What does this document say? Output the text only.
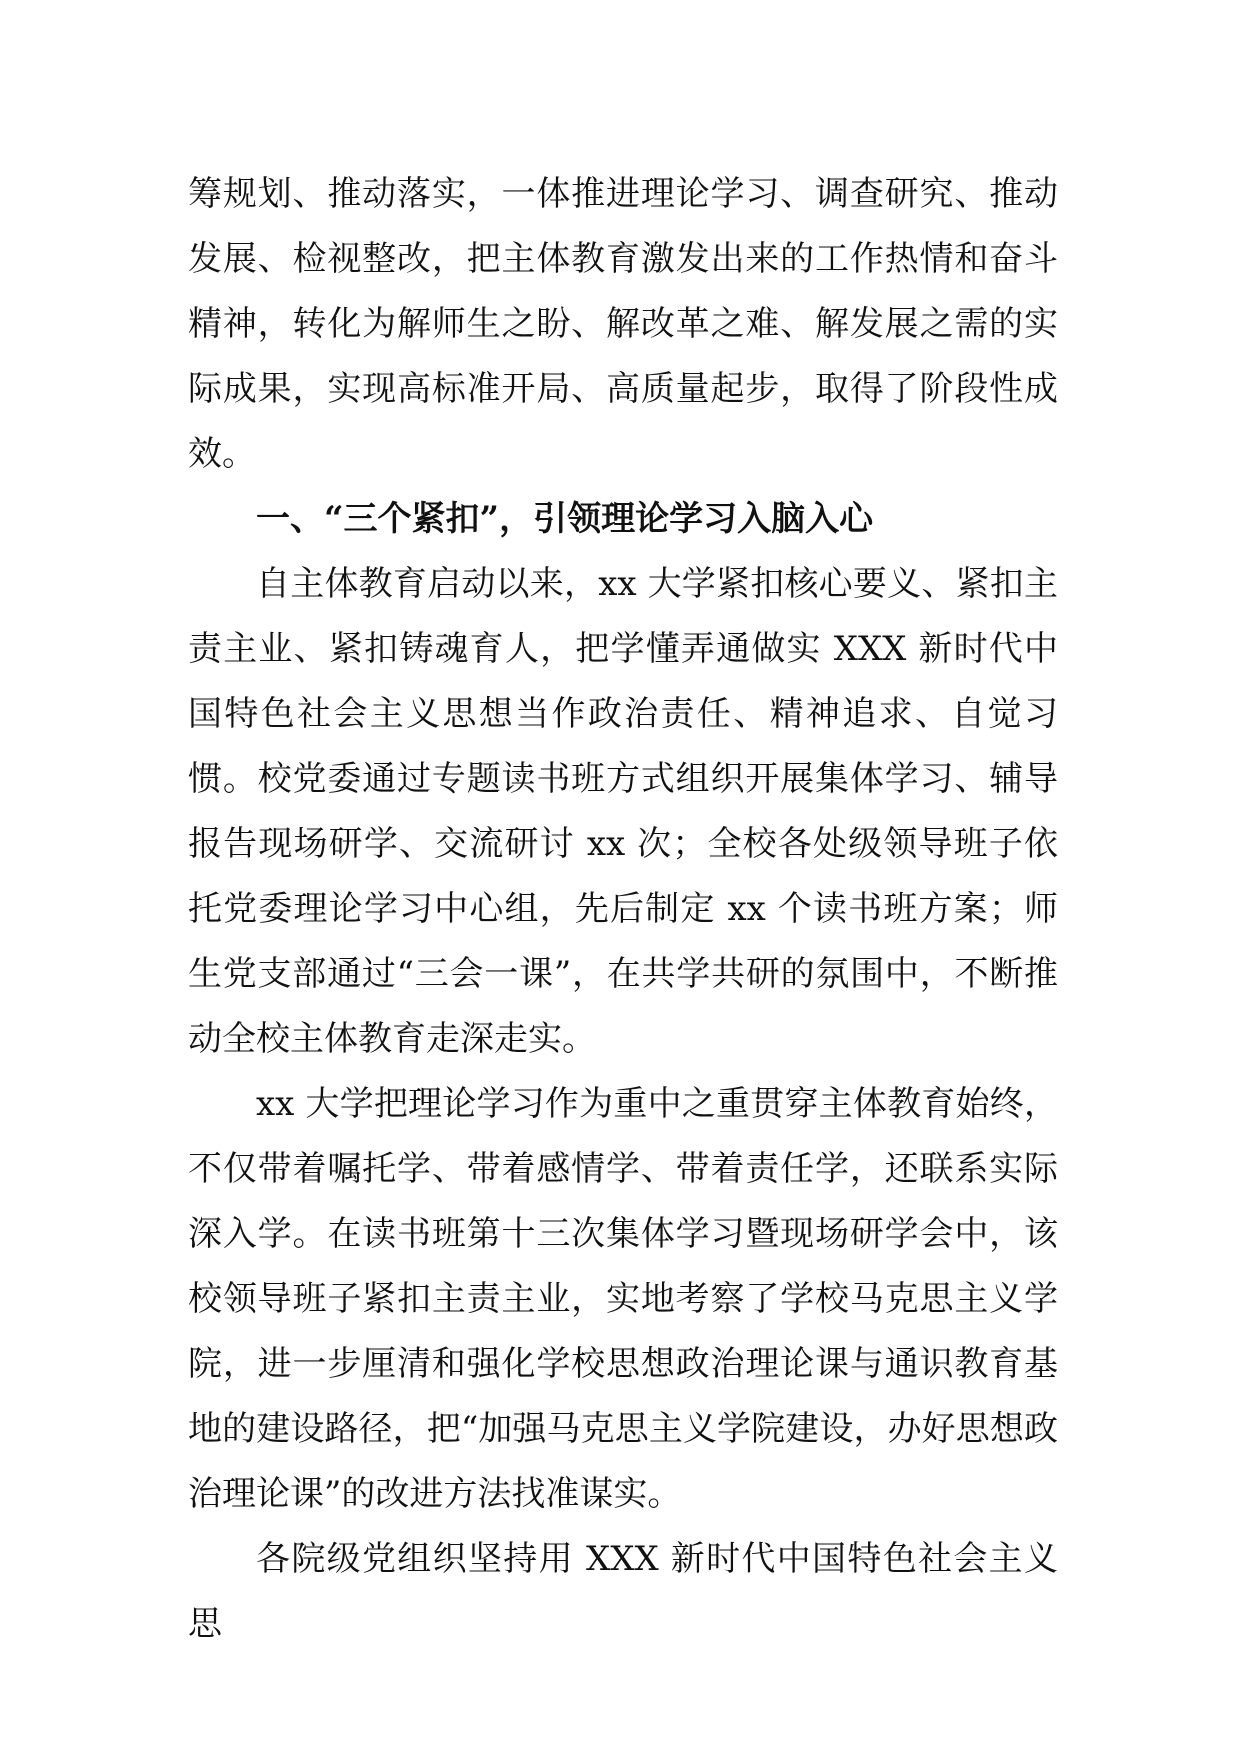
筹规划、推动落实，一体推进理论学习、调查研究、推动发展、检视整改，把主体教育激发出来的工作热情和奋斗精神，转化为解师生之盼、解改革之难、解发展之需的实际成果，实现高标准开局、高质量起步，取得了阶段性成效。

一、“三个紧扣”，引领理论学习入脑入心

自主体教育启动以来，xx 大学紧扣核心要义、紧扣主责主业、紧扣铸魂育人，把学懂弄通做实 XXX 新时代中国特色社会主义思想当作政治责任、精神追求、自觉习惯。校党委通过专题读书班方式组织开展集体学习、辅导报告现场研学、交流研讨 xx 次；全校各处级领导班子依托党委理论学习中心组，先后制定 xx 个读书班方案；师生党支部通过“三会一课”，在共学共研的氛围中，不断推动全校主体教育走深走实。

xx 大学把理论学习作为重中之重贯穿主体教育始终，不仅带着嘱托学、带着感情学、带着责任学，还联系实际深入学。在读书班第十三次集体学习暨现场研学会中，该校领导班子紧扣主责主业，实地考察了学校马克思主义学院，进一步厘清和强化学校思想政治理论课与通识教育基地的建设路径，把“加强马克思主义学院建设，办好思想政治理论课”的改进方法找准谋实。

各院级党组织坚持用 XXX 新时代中国特色社会主义思
